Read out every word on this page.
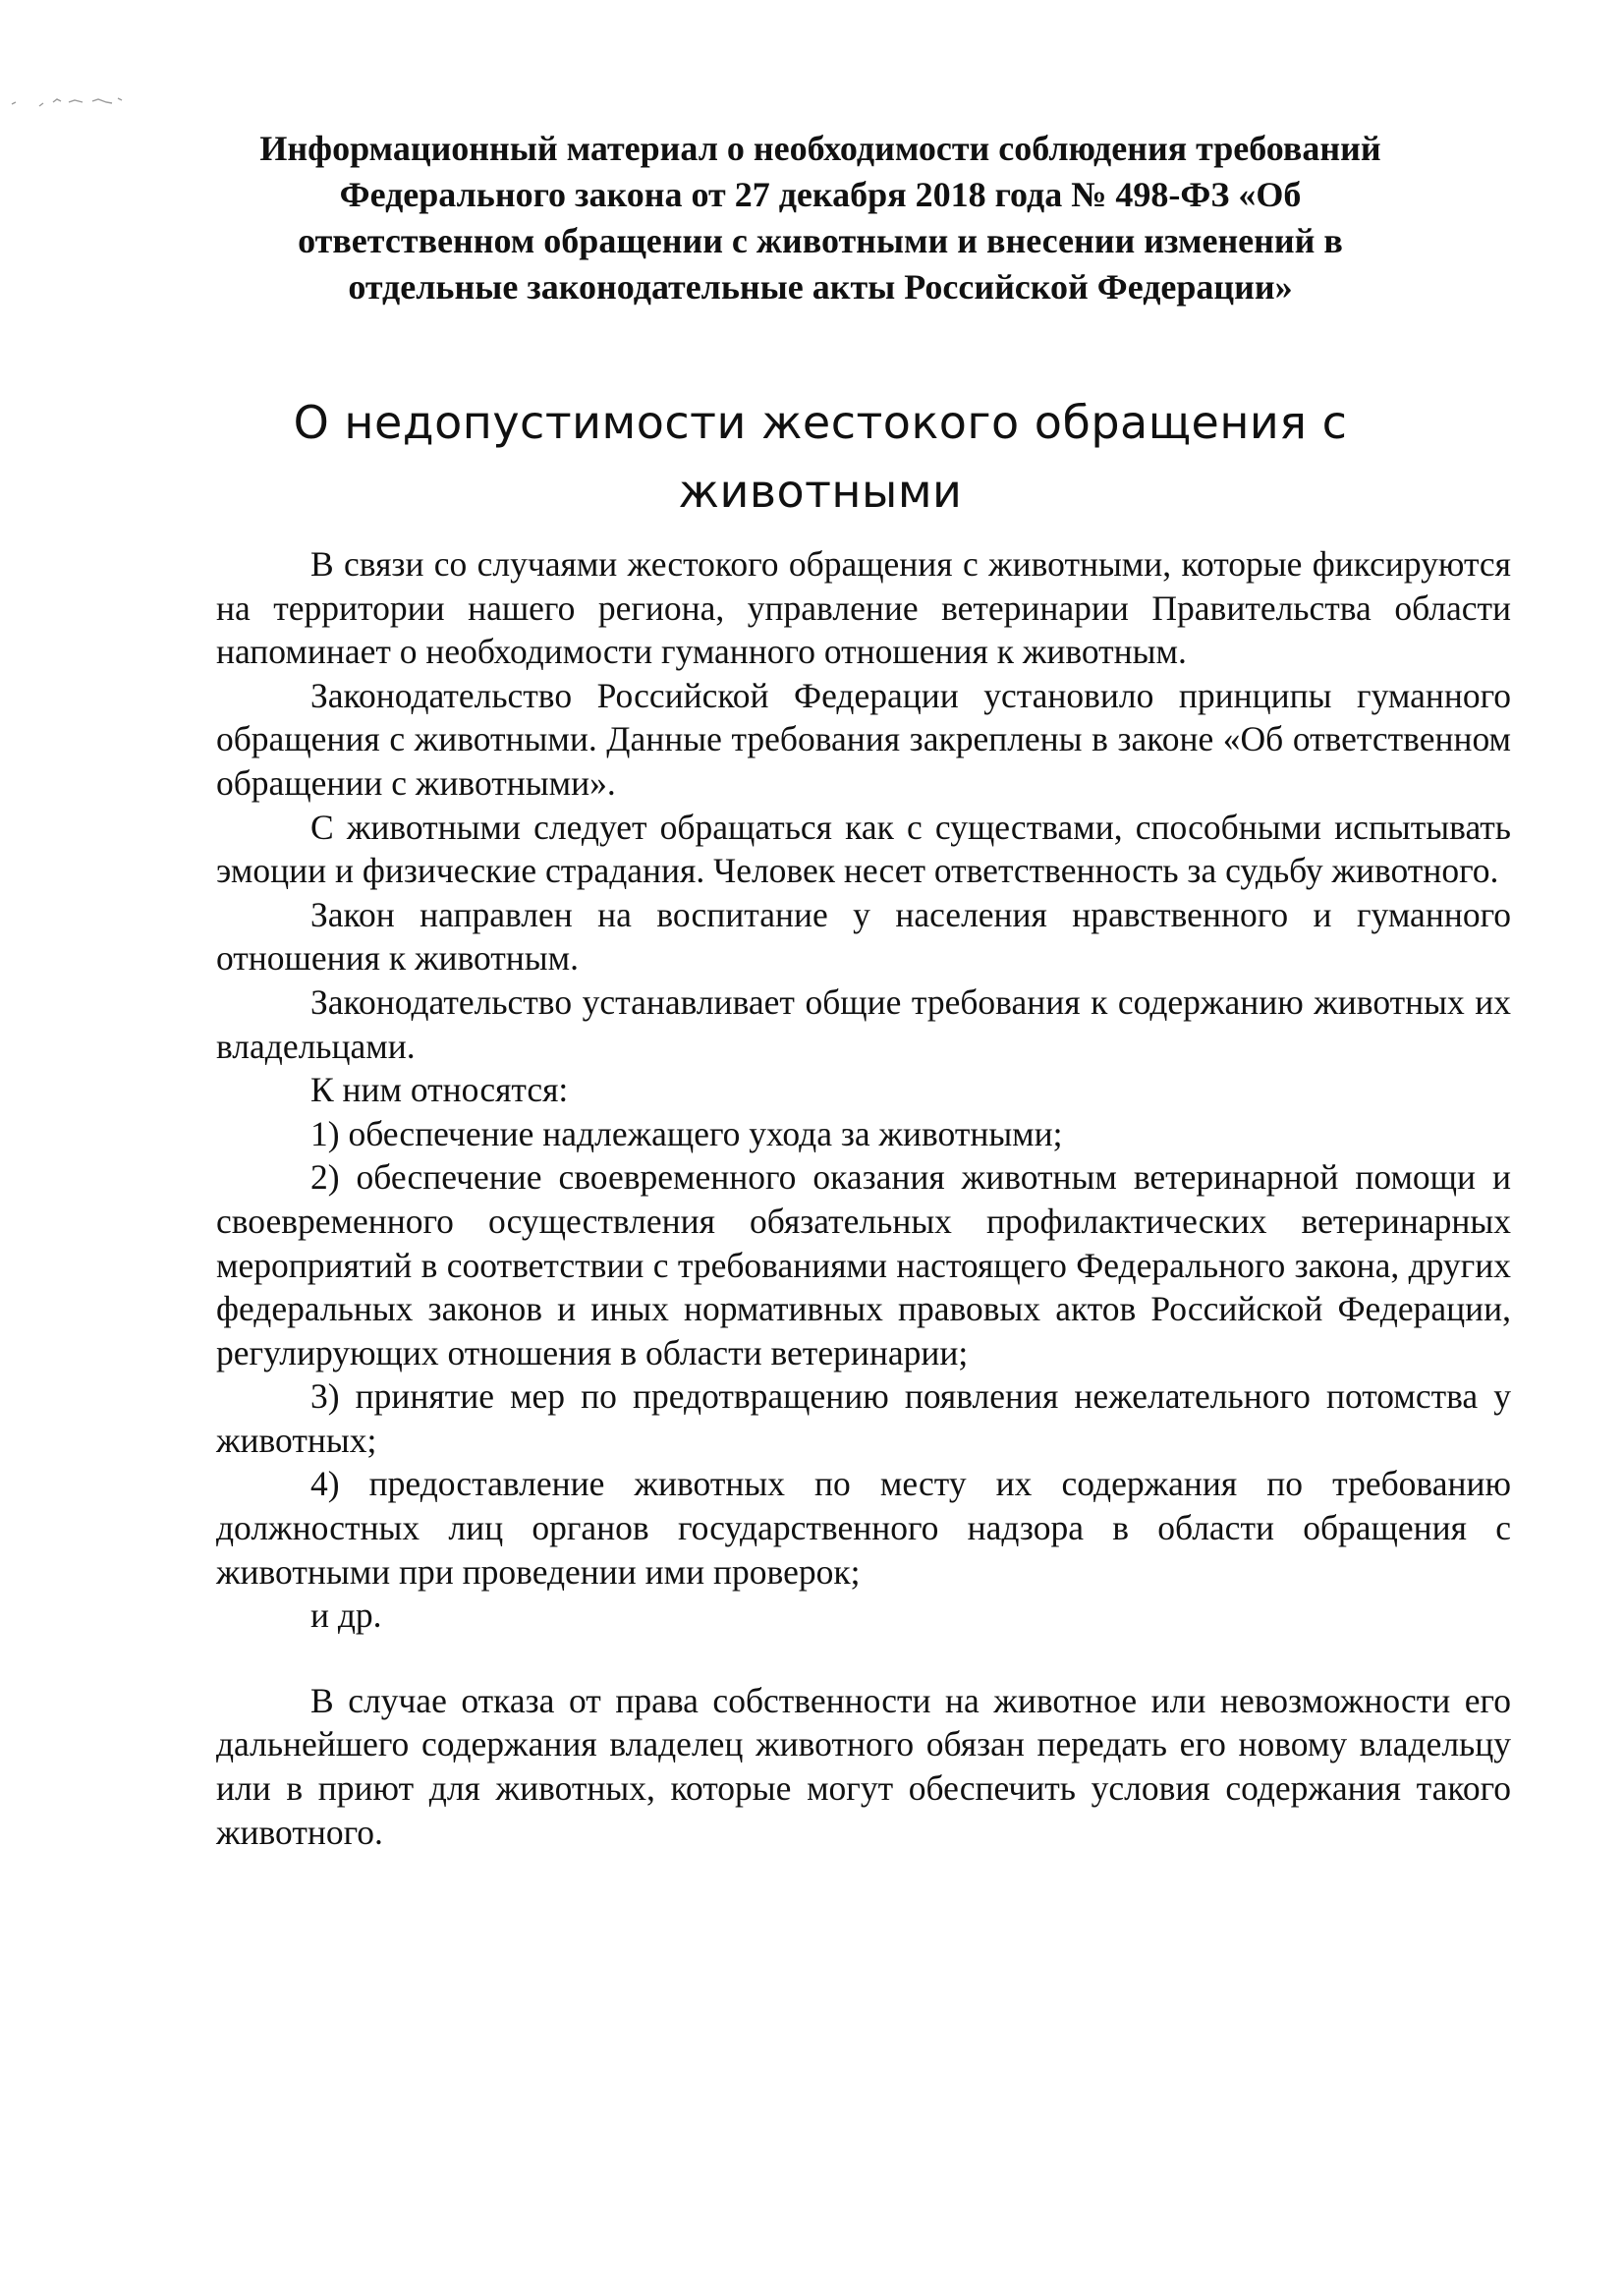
Информационный материал о необходимости соблюдения требований
Федерального закона от 27 декабря 2018 года № 498-ФЗ «Об
ответственном обращении с животными и внесении изменений в
отдельные законодательные акты Российской Федерации»
О недопустимости жестокого обращения с
животными

В связи со случаями жестокого обращения с животными, которые фиксируются на территории нашего региона, управление ветеринарии Правительства области напоминает о необходимости гуманного отношения к животным.

Законодательство Российской Федерации установило принципы гуманного обращения с животными. Данные требования закреплены в законе «Об ответственном обращении с животными».

С животными следует обращаться как с существами, способными испытывать эмоции и физические страдания. Человек несет ответственность за судьбу животного.

Закон направлен на воспитание у населения нравственного и гуманного отношения к животным.

Законодательство устанавливает общие требования к содержанию животных их владельцами.

К ним относятся:

1) обеспечение надлежащего ухода за животными;

2) обеспечение своевременного оказания животным ветеринарной помощи и своевременного осуществления обязательных профилактических ветеринарных мероприятий в соответствии с требованиями настоящего Федерального закона, других федеральных законов и иных нормативных правовых актов Российской Федерации, регулирующих отношения в области ветеринарии;

3) принятие мер по предотвращению появления нежелательного потомства у животных;

4) предоставление животных по месту их содержания по требованию должностных лиц органов государственного надзора в области обращения с животными при проведении ими проверок;

и др.

В случае отказа от права собственности на животное или невозможности его дальнейшего содержания владелец животного обязан передать его новому владельцу или в приют для животных, которые могут обеспечить условия содержания такого животного.
